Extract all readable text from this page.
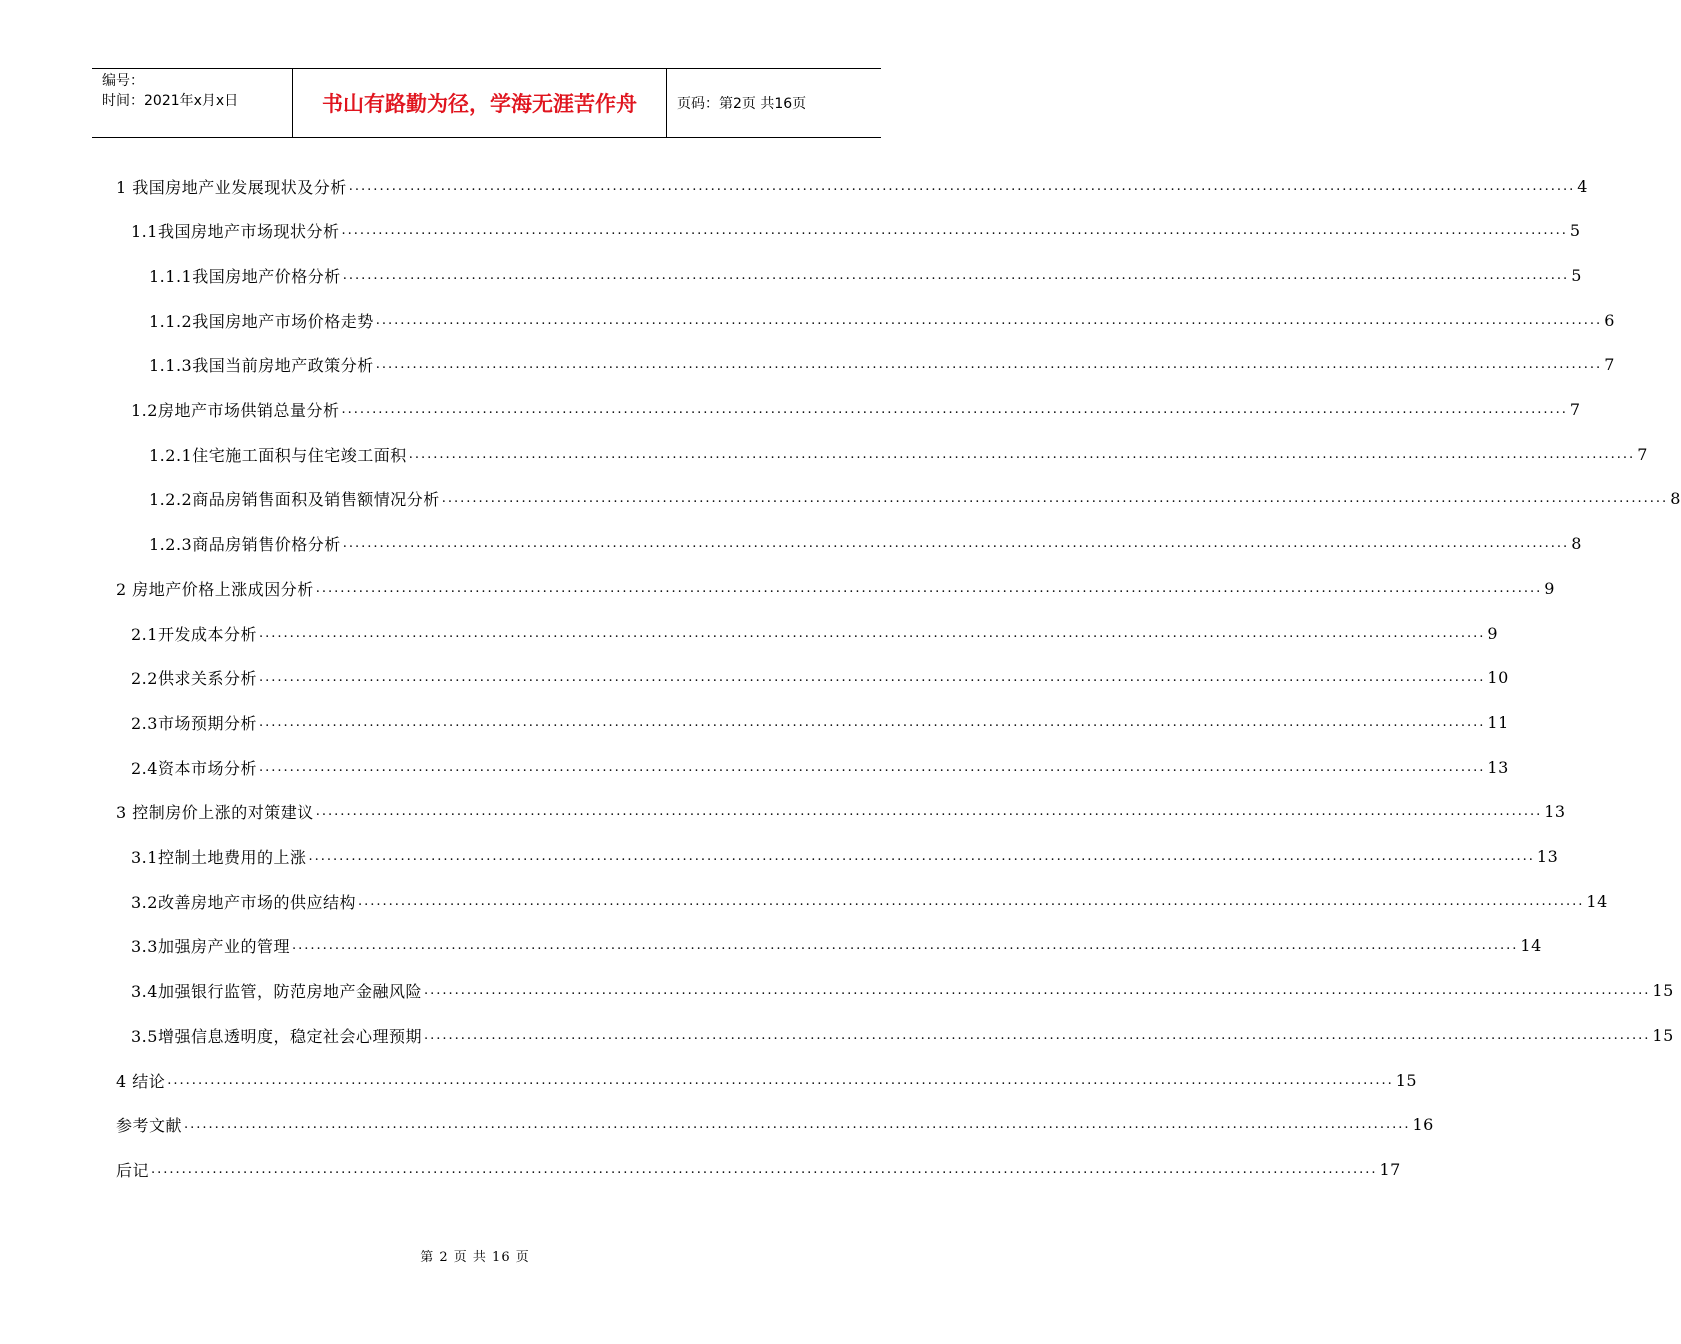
编号：
时间：2021年x月x日	书山有路勤为径，学海无涯苦作舟	页码：第2页 共16页
1 我国房地产业发展现状及分析 ........................................................................................................................................................................................................ 4
1.1我国房地产市场现状分析 ........................................................................................................................................................................................................ 5
1.1.1我国房地产价格分析 ........................................................................................................................................................................................................ 5
1.1.2我国房地产市场价格走势 ........................................................................................................................................................................................................ 6
1.1.3我国当前房地产政策分析 ........................................................................................................................................................................................................ 7
1.2房地产市场供销总量分析 ........................................................................................................................................................................................................ 7
1.2.1住宅施工面积与住宅竣工面积 ........................................................................................................................................................................................................ 7
1.2.2商品房销售面积及销售额情况分析 ........................................................................................................................................................................................................ 8
1.2.3商品房销售价格分析 ........................................................................................................................................................................................................ 8
2 房地产价格上涨成因分析 ........................................................................................................................................................................................................ 9
2.1开发成本分析 ........................................................................................................................................................................................................ 9
2.2供求关系分析 ........................................................................................................................................................................................................ 10
2.3市场预期分析 ........................................................................................................................................................................................................ 11
2.4资本市场分析 ........................................................................................................................................................................................................ 13
3 控制房价上涨的对策建议 ........................................................................................................................................................................................................ 13
3.1控制土地费用的上涨 ........................................................................................................................................................................................................ 13
3.2改善房地产市场的供应结构 ........................................................................................................................................................................................................ 14
3.3加强房产业的管理 ........................................................................................................................................................................................................ 14
3.4加强银行监管，防范房地产金融风险 ........................................................................................................................................................................................................ 15
3.5增强信息透明度，稳定社会心理预期 ........................................................................................................................................................................................................ 15
4 结论 ........................................................................................................................................................................................................ 15
参考文献 ........................................................................................................................................................................................................ 16
后记 ........................................................................................................................................................................................................ 17
第 2 页 共 16 页
